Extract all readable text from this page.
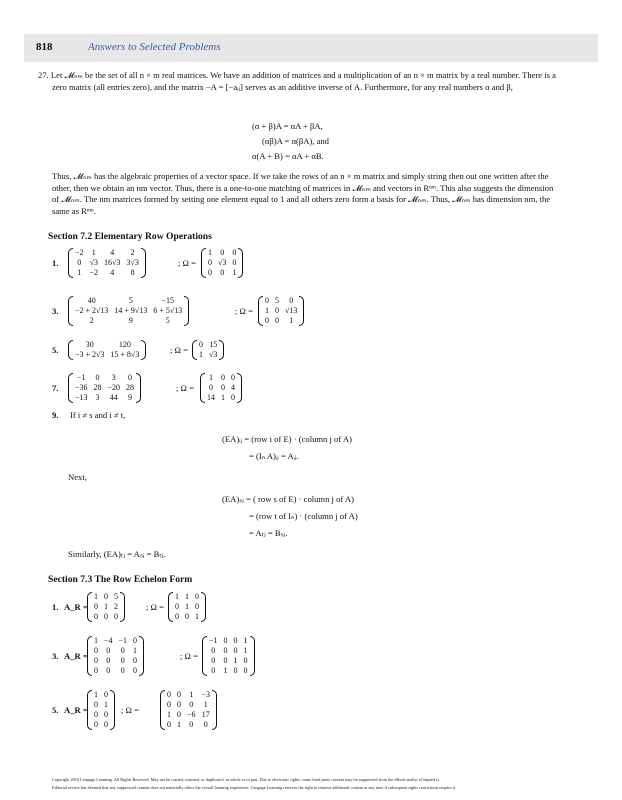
818	Answers to Selected Problems
27. Let 𝓜ₙₘ be the set of all n × m real matrices. We have an addition of matrices and a multiplication of an n × m matrix by a real number. There is a zero matrix (all entries zero), and the matrix −A = [−aᵢⱼ] serves as an additive inverse of A. Furthermore, for any real numbers α and β,
(α + β)A = αA + βA,
(αβ)A = α(βA), and
α(A + B) = αA + αB.
Thus, 𝓜ₙₘ has the algebraic properties of a vector space. If we take the rows of an n × m matrix and simply string then out one written after the other, then we obtain an nm vector. Thus, there is a one-to-one matching of matrices in 𝓜ₙₘ and vectors in Rⁿᵐ. This also suggests the dimension of 𝓜ₙₘ. The nm matrices formed by setting one element equal to 1 and all others zero form a basis for 𝓜ₙₘ. Thus, 𝓜ₙₘ has dimension nm, the same as Rⁿᵐ.
Section 7.2 Elementary Row Operations
1.
−2	1	4	2
0	√3	16√3	3√3
1	−2	4	8
; Ω =
1	0	0
0	√3	0
0	0	1
3.
40	5	−15
−2 + 2√13	14 + 9√13	6 + 5√13
2	9	5
; Ω =
0	5	0
1	0	√13
0	0	1
5.
30	120
−3 + 2√3	15 + 8√3	; Ω =
0	15
1	√3
7.
−1	0	3	0
−36	28	−20	28
−13	3	44	9
; Ω =
1	0	0
0	0	4
14	1	0
9. If i ≠ s and i ≠ t,
(EA)ᵢⱼ = (row i of E) · (column j of A)
= (Iₙ A)ᵢⱼ = Aᵢⱼ.
Next,
(EA)ₛⱼ = ( row s of E) · column j of A)
= (row t of Iₙ) · (column j of A)
= Aₜⱼ = Bₛⱼ.
Similarly, (EA)ₜⱼ = Aₛⱼ = Bₜⱼ.
Section 7.3 The Row Echelon Form
1. A_R =
1	0	5
0	1	2
0	0	0
; Ω =
1	1	0
0	1	0
0	0	1
3. A_R =
1	−4	−1	0
0	0	0	1
0	0	0	0
0	0	0	0
; Ω =
−1	0	0	1
0	0	0	1
0	0	1	0
0	1	0	0
5. A_R =
1	0
0	1
0	0
0	0
; Ω =
0	0	1	−3
0	0	0	1
1	0	−6	17
0	1	0	0
Copyright 2010 Cengage Learning. All Rights Reserved. May not be copied, scanned, or duplicated, in whole or in part. Due to electronic rights, some third party content may be suppressed from the eBook and/or eChapter(s).
Editorial review has deemed that any suppressed content does not materially affect the overall learning experience. Cengage Learning reserves the right to remove additional content at any time if subsequent rights restrictions require it.
